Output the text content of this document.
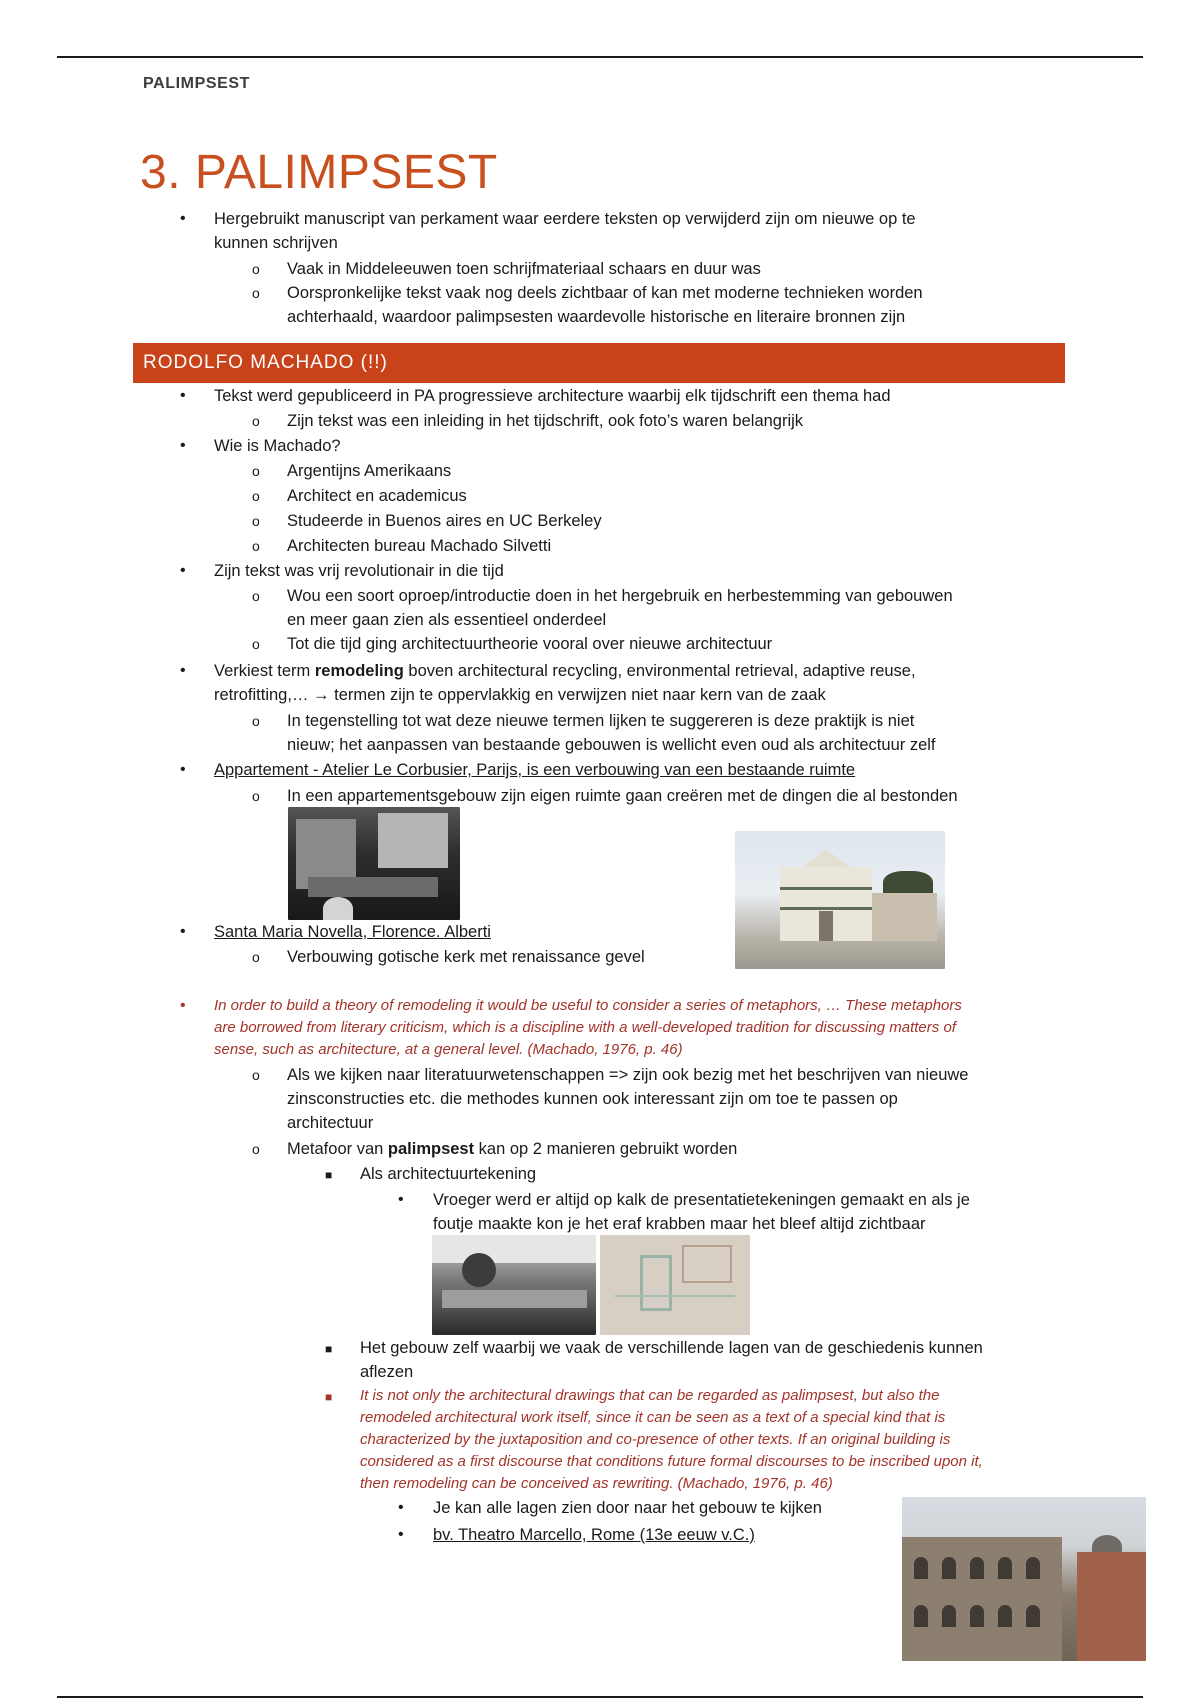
PALIMPSEST
3. PALIMPSEST
• Hergebruikt manuscript van perkament waar eerdere teksten op verwijderd zijn om nieuwe op te
kunnen schrijven
o Vaak in Middeleeuwen toen schrijfmateriaal schaars en duur was
o Oorspronkelijke tekst vaak nog deels zichtbaar of kan met moderne technieken worden
achterhaald, waardoor palimpsesten waardevolle historische en literaire bronnen zijn
RODOLFO MACHADO (!!)
• Tekst werd gepubliceerd in PA progressieve architecture waarbij elk tijdschrift een thema had
o Zijn tekst was een inleiding in het tijdschrift, ook foto’s waren belangrijk
• Wie is Machado?
o Argentijns Amerikaans
o Architect en academicus
o Studeerde in Buenos aires en UC Berkeley
o Architecten bureau Machado Silvetti
• Zijn tekst was vrij revolutionair in die tijd
o Wou een soort oproep/introductie doen in het hergebruik en herbestemming van gebouwen
en meer gaan zien als essentieel onderdeel
o Tot die tijd ging architectuurtheorie vooral over nieuwe architectuur
• Verkiest term remodeling boven architectural recycling, environmental retrieval, adaptive reuse,
retrofitting,… → termen zijn te oppervlakkig en verwijzen niet naar kern van de zaak
o In tegenstelling tot wat deze nieuwe termen lijken te suggereren is deze praktijk is niet
nieuw; het aanpassen van bestaande gebouwen is wellicht even oud als architectuur zelf
• Appartement - Atelier Le Corbusier, Parijs, is een verbouwing van een bestaande ruimte
o In een appartementsgebouw zijn eigen ruimte gaan creëren met de dingen die al bestonden
• Santa Maria Novella, Florence. Alberti
o Verbouwing gotische kerk met renaissance gevel
• In order to build a theory of remodeling it would be useful to consider a series of metaphors, … These metaphors
are borrowed from literary criticism, which is a discipline with a well-developed tradition for discussing matters of
sense, such as architecture, at a general level. (Machado, 1976, p. 46)
o Als we kijken naar literatuurwetenschappen => zijn ook bezig met het beschrijven van nieuwe
zinsconstructies etc. die methodes kunnen ook interessant zijn om toe te passen op
architectuur
o Metafoor van palimpsest kan op 2 manieren gebruikt worden
■ Als architectuurtekening
• Vroeger werd er altijd op kalk de presentatietekeningen gemaakt en als je
foutje maakte kon je het eraf krabben maar het bleef altijd zichtbaar
■ Het gebouw zelf waarbij we vaak de verschillende lagen van de geschiedenis kunnen
aflezen
■ It is not only the architectural drawings that can be regarded as palimpsest, but also the
remodeled architectural work itself, since it can be seen as a text of a special kind that is
characterized by the juxtaposition and co-presence of other texts. If an original building is
considered as a first discourse that conditions future formal discourses to be inscribed upon it,
then remodeling can be conceived as rewriting. (Machado, 1976, p. 46)
• Je kan alle lagen zien door naar het gebouw te kijken
• bv. Theatro Marcello, Rome (13e eeuw v.C.)
